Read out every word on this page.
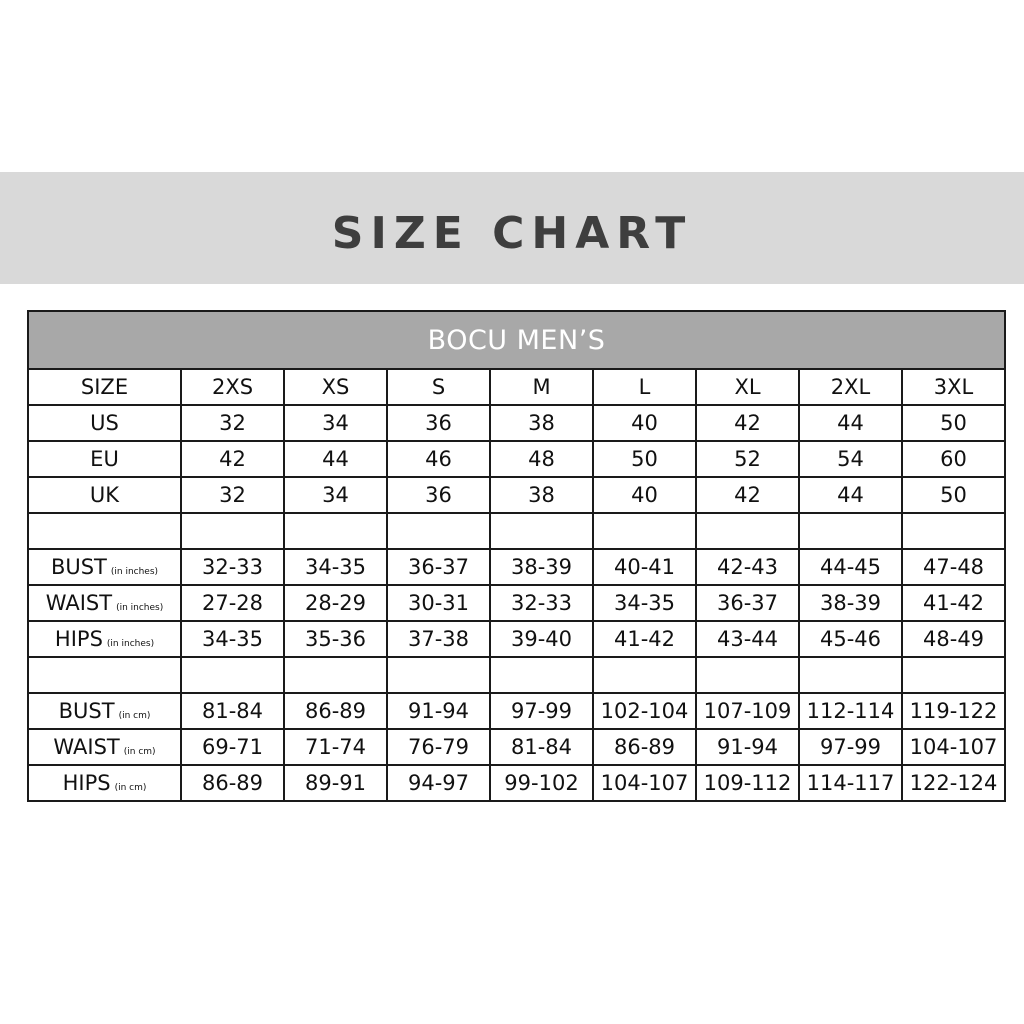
SIZE CHART
BOCU MEN’S								
SIZE	2XS	XS	S	M	L	XL	2XL	3XL
US	32	34	36	38	40	42	44	50
EU	42	44	46	48	50	52	54	60
UK	32	34	36	38	40	42	44	50

BUST (in inches)	32-33	34-35	36-37	38-39	40-41	42-43	44-45	47-48
WAIST (in inches)	27-28	28-29	30-31	32-33	34-35	36-37	38-39	41-42
HIPS (in inches)	34-35	35-36	37-38	39-40	41-42	43-44	45-46	48-49

BUST (in cm)	81-84	86-89	91-94	97-99	102-104	107-109	112-114	119-122
WAIST (in cm)	69-71	71-74	76-79	81-84	86-89	91-94	97-99	104-107
HIPS (in cm)	86-89	89-91	94-97	99-102	104-107	109-112	114-117	122-124
